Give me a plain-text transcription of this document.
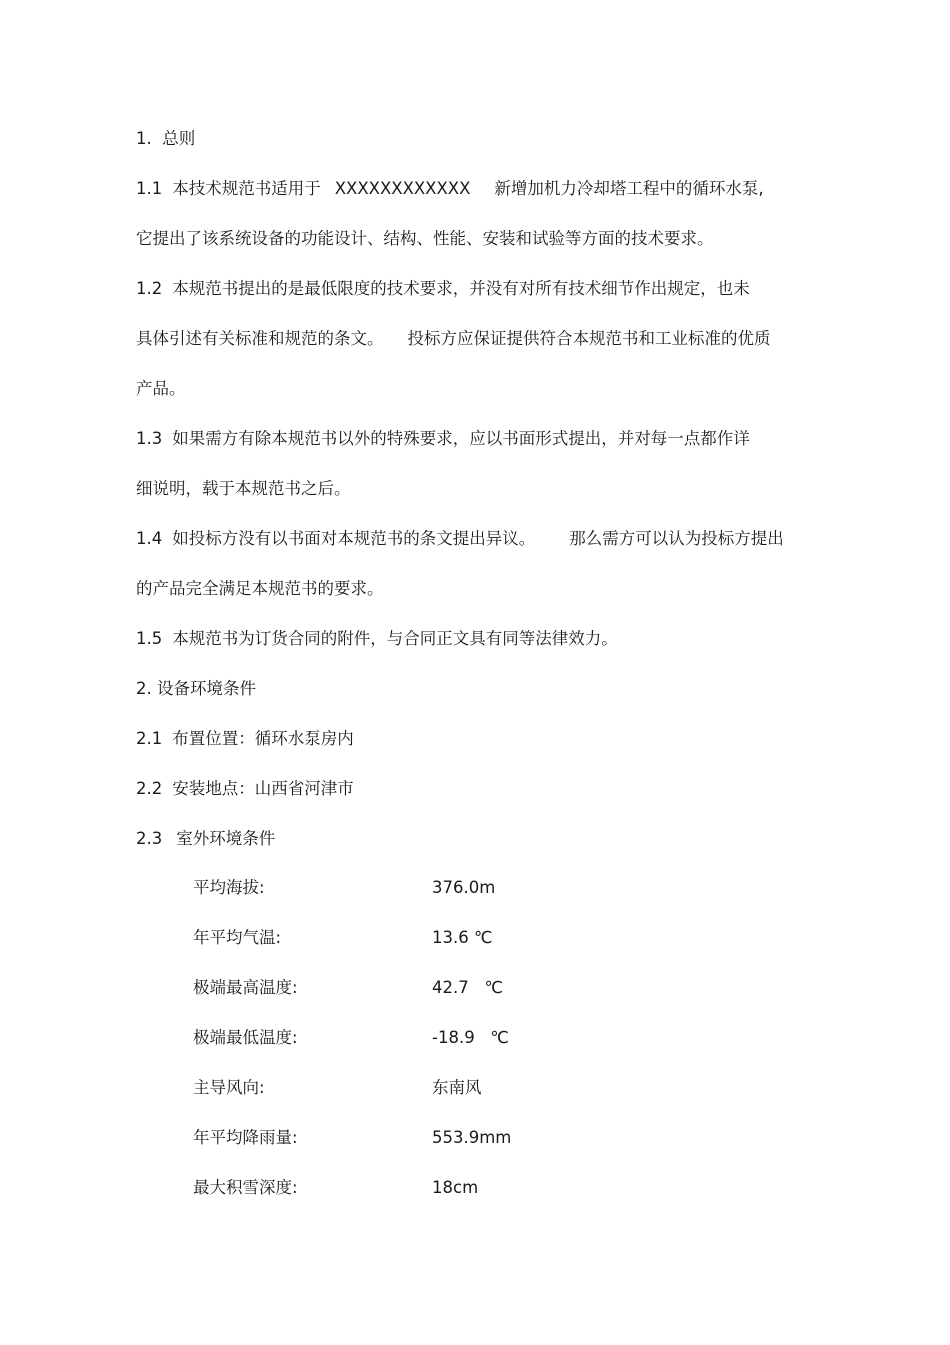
1.  总则
1.1 本技术规范书适用于 XXXXXXXXXXXX 新增加机力冷却塔工程中的循环水泵,
它提出了该系统设备的功能设计、结构、性能、安装和试验等方面的技术要求。
1.2 本规范书提出的是最低限度的技术要求，并没有对所有技术细节作出规定，也未
具体引述有关标准和规范的条文。 投标方应保证提供符合本规范书和工业标准的优质
产品。
1.3 如果需方有除本规范书以外的特殊要求，应以书面形式提出，并对每一点都作详
细说明，载于本规范书之后。
1.4 如投标方没有以书面对本规范书的条文提出异议。 那么需方可以认为投标方提出
的产品完全满足本规范书的要求。
1.5 本规范书为订货合同的附件，与合同正文具有同等法律效力。
2. 设备环境条件
2.1 布置位置：循环水泵房内
2.2 安装地点：山西省河津市
2.3 室外环境条件
平均海拔:	376.0m
年平均气温:	13.6 ℃
极端最高温度:	42.7   ℃
极端最低温度:	-18.9   ℃
主导风向:	东南风
年平均降雨量:	553.9mm
最大积雪深度:	18cm
